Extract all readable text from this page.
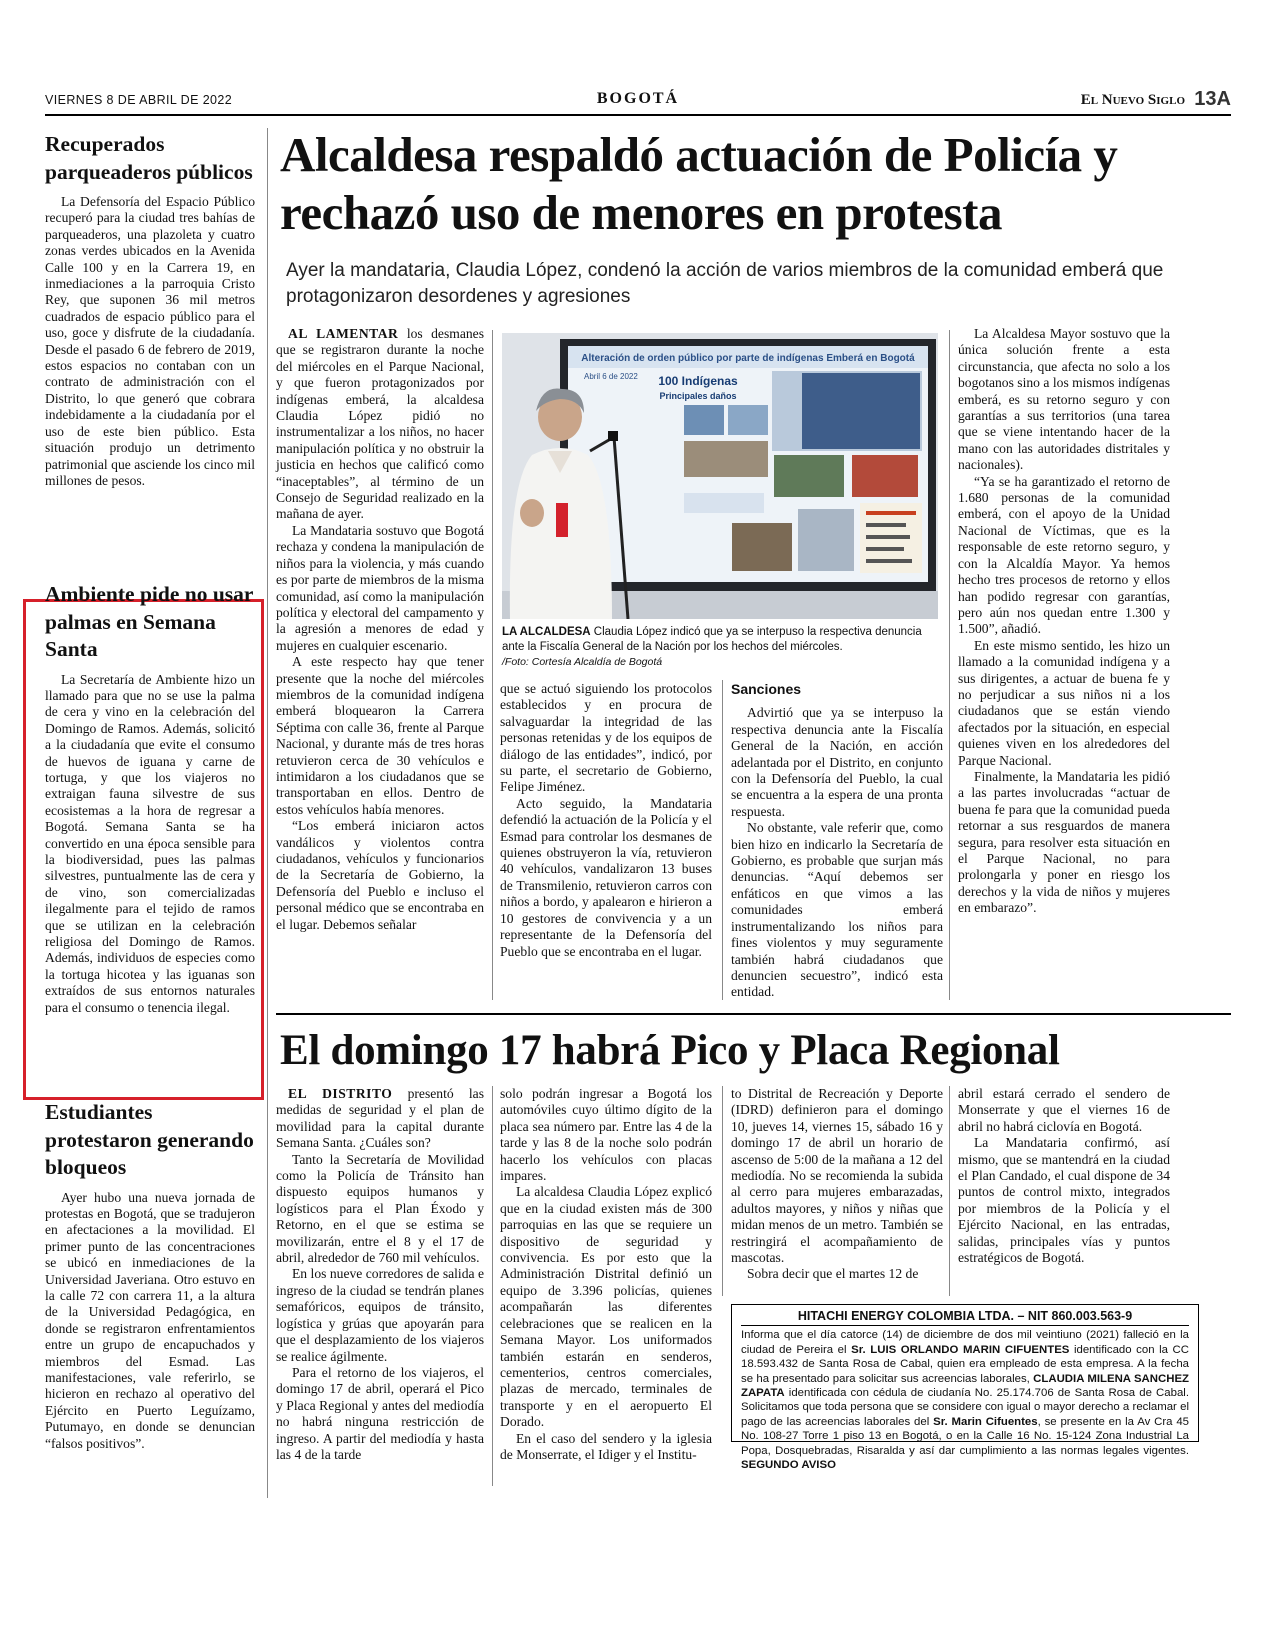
VIERNES 8 DE ABRIL DE 2022	BOGOTÁ	El Nuevo Siglo 13A
Recuperados parqueaderos públicos

La Defensoría del Espacio Público recuperó para la ciudad tres bahías de parqueaderos, una plazoleta y cuatro zonas verdes ubicados en la Avenida Calle 100 y en la Carrera 19, en inmediaciones a la parroquia Cristo Rey, que suponen 36 mil metros cuadrados de espacio público para el uso, goce y disfrute de la ciudadanía. Desde el pasado 6 de febrero de 2019, estos espacios no contaban con un contrato de administración con el Distrito, lo que generó que cobrara indebidamente a la ciudadanía por el uso de este bien público. Esta situación produjo un detrimento patrimonial que asciende los cinco mil millones de pesos.

Ambiente pide no usar palmas en Semana Santa

La Secretaría de Ambiente hizo un llamado para que no se use la palma de cera y vino en la celebración del Domingo de Ramos. Además, solicitó a la ciudadanía que evite el consumo de huevos de iguana y carne de tortuga, y que los viajeros no extraigan fauna silvestre de sus ecosistemas a la hora de regresar a Bogotá. Semana Santa se ha convertido en una época sensible para la biodiversidad, pues las palmas silvestres, puntualmente las de cera y de vino, son comercializadas ilegalmente para el tejido de ramos que se utilizan en la celebración religiosa del Domingo de Ramos. Además, individuos de especies como la tortuga hicotea y las iguanas son extraídos de sus entornos naturales para el consumo o tenencia ilegal.

Estudiantes protestaron generando bloqueos

Ayer hubo una nueva jornada de protestas en Bogotá, que se tradujeron en afectaciones a la movilidad. El primer punto de las concentraciones se ubicó en inmediaciones de la Universidad Javeriana. Otro estuvo en la calle 72 con carrera 11, a la altura de la Universidad Pedagógica, en donde se registraron enfrentamientos entre un grupo de encapuchados y miembros del Esmad. Las manifestaciones, vale referirlo, se hicieron en rechazo al operativo del Ejército en Puerto Leguízamo, Putumayo, en donde se denuncian “falsos positivos”.

Alcaldesa respaldó actuación de Policía y rechazó uso de menores en protesta
Ayer la mandataria, Claudia López, condenó la acción de varios miembros de la comunidad emberá que protagonizaron desordenes y agresiones

AL LAMENTAR los desmanes que se registraron durante la noche del miércoles en el Parque Nacional, y que fueron protagonizados por indígenas emberá, la alcaldesa Claudia López pidió no instrumentalizar a los niños, no hacer manipulación política y no obstruir la justicia en hechos que calificó como “inaceptables”, al término de un Consejo de Seguridad realizado en la mañana de ayer.

La Mandataria sostuvo que Bogotá rechaza y condena la manipulación de niños para la violencia, y más cuando es por parte de miembros de la misma comunidad, así como la manipulación política y electoral del campamento y la agresión a menores de edad y mujeres en cualquier escenario.

A este respecto hay que tener presente que la noche del miércoles miembros de la comunidad indígena emberá bloquearon la Carrera Séptima con calle 36, frente al Parque Nacional, y durante más de tres horas retuvieron cerca de 30 vehículos e intimidaron a los ciudadanos que se transportaban en ellos. Dentro de estos vehículos había menores.

“Los emberá iniciaron actos vandálicos y violentos contra ciudadanos, vehículos y funcionarios de la Secretaría de Gobierno, la Defensoría del Pueblo e incluso el personal médico que se encontraba en el lugar. Debemos señalar

Alteración de orden público por parte de indígenas Emberá en Bogotá
Abril 6 de 2022 100 Indígenas
Principales daños
LA ALCALDESA Claudia López indicó que ya se interpuso la respectiva denuncia ante la Fiscalía General de la Nación por los hechos del miércoles.
/Foto: Cortesía Alcaldía de Bogotá

que se actuó siguiendo los protocolos establecidos y en procura de salvaguardar la integridad de las personas retenidas y de los equipos de diálogo de las entidades”, indicó, por su parte, el secretario de Gobierno, Felipe Jiménez.

Acto seguido, la Mandataria defendió la actuación de la Policía y el Esmad para controlar los desmanes de quienes obstruyeron la vía, retuvieron 40 vehículos, vandalizaron 13 buses de Transmilenio, retuvieron carros con niños a bordo, y apalearon e hirieron a 10 gestores de convivencia y a un representante de la Defensoría del Pueblo que se encontraba en el lugar.

Sanciones

Advirtió que ya se interpuso la respectiva denuncia ante la Fiscalía General de la Nación, en acción adelantada por el Distrito, en conjunto con la Defensoría del Pueblo, la cual se encuentra a la espera de una pronta respuesta.

No obstante, vale referir que, como bien hizo en indicarlo la Secretaría de Gobierno, es probable que surjan más denuncias. “Aquí debemos ser enfáticos en que vimos a las comunidades emberá instrumentalizando los niños para fines violentos y muy seguramente también habrá ciudadanos que denuncien secuestro”, indicó esta entidad.

La Alcaldesa Mayor sostuvo que la única solución frente a esta circunstancia, que afecta no solo a los bogotanos sino a los mismos indígenas emberá, es su retorno seguro y con garantías a sus territorios (una tarea que se viene intentando hacer de la mano con las autoridades distritales y nacionales).

“Ya se ha garantizado el retorno de 1.680 personas de la comunidad emberá, con el apoyo de la Unidad Nacional de Víctimas, que es la responsable de este retorno seguro, y con la Alcaldía Mayor. Ya hemos hecho tres procesos de retorno y ellos han podido regresar con garantías, pero aún nos quedan entre 1.300 y 1.500”, añadió.

En este mismo sentido, les hizo un llamado a la comunidad indígena y a sus dirigentes, a actuar de buena fe y no perjudicar a sus niños ni a los ciudadanos que se están viendo afectados por la situación, en especial quienes viven en los alrededores del Parque Nacional.

Finalmente, la Mandataria les pidió a las partes involucradas “actuar de buena fe para que la comunidad pueda retornar a sus resguardos de manera segura, para resolver esta situación en el Parque Nacional, no para prolongarla y poner en riesgo los derechos y la vida de niños y mujeres en embarazo”.

El domingo 17 habrá Pico y Placa Regional

EL DISTRITO presentó las medidas de seguridad y el plan de movilidad para la capital durante Semana Santa. ¿Cuáles son?

Tanto la Secretaría de Movilidad como la Policía de Tránsito han dispuesto equipos humanos y logísticos para el Plan Éxodo y Retorno, en el que se estima se movilizarán, entre el 8 y el 17 de abril, alrededor de 760 mil vehículos.

En los nueve corredores de salida e ingreso de la ciudad se tendrán planes semafóricos, equipos de tránsito, logística y grúas que apoyarán para que el desplazamiento de los viajeros se realice ágilmente.

Para el retorno de los viajeros, el domingo 17 de abril, operará el Pico y Placa Regional y antes del mediodía no habrá ninguna restricción de ingreso. A partir del mediodía y hasta las 4 de la tarde

solo podrán ingresar a Bogotá los automóviles cuyo último dígito de la placa sea número par. Entre las 4 de la tarde y las 8 de la noche solo podrán hacerlo los vehículos con placas impares.

La alcaldesa Claudia López explicó que en la ciudad existen más de 300 parroquias en las que se requiere un dispositivo de seguridad y convivencia. Es por esto que la Administración Distrital definió un equipo de 3.396 policías, quienes acompañarán las diferentes celebraciones que se realicen en la Semana Mayor. Los uniformados también estarán en senderos, cementerios, centros comerciales, plazas de mercado, terminales de transporte y en el aeropuerto El Dorado.

En el caso del sendero y la iglesia de Monserrate, el Idiger y el Institu-

to Distrital de Recreación y Deporte (IDRD) definieron para el domingo 10, jueves 14, viernes 15, sábado 16 y domingo 17 de abril un horario de ascenso de 5:00 de la mañana a 12 del mediodía. No se recomienda la subida al cerro para mujeres embarazadas, adultos mayores, y niños y niñas que midan menos de un metro. También se restringirá el acompañamiento de mascotas.

Sobra decir que el martes 12 de

abril estará cerrado el sendero de Monserrate y que el viernes 16 de abril no habrá ciclovía en Bogotá.

La Mandataria confirmó, así mismo, que se mantendrá en la ciudad el Plan Candado, el cual dispone de 34 puntos de control mixto, integrados por miembros de la Policía y el Ejército Nacional, en las entradas, salidas, principales vías y puntos estratégicos de Bogotá.

HITACHI ENERGY COLOMBIA LTDA. – NIT 860.003.563-9
Informa que el día catorce (14) de diciembre de dos mil veintiuno (2021) falleció en la ciudad de Pereira el Sr. LUIS ORLANDO MARIN CIFUENTES identificado con la CC 18.593.432 de Santa Rosa de Cabal, quien era empleado de esta empresa. A la fecha se ha presentado para solicitar sus acreencias laborales, CLAUDIA MILENA SANCHEZ ZAPATA identificada con cédula de ciudanía No. 25.174.706 de Santa Rosa de Cabal. Solicitamos que toda persona que se considere con igual o mayor derecho a reclamar el pago de las acreencias laborales del Sr. Marin Cifuentes, se presente en la Av Cra 45 No. 108-27 Torre 1 piso 13 en Bogotá, o en la Calle 16 No. 15-124 Zona Industrial La Popa, Dosquebradas, Risaralda y así dar cumplimiento a las normas legales vigentes. SEGUNDO AVISO
